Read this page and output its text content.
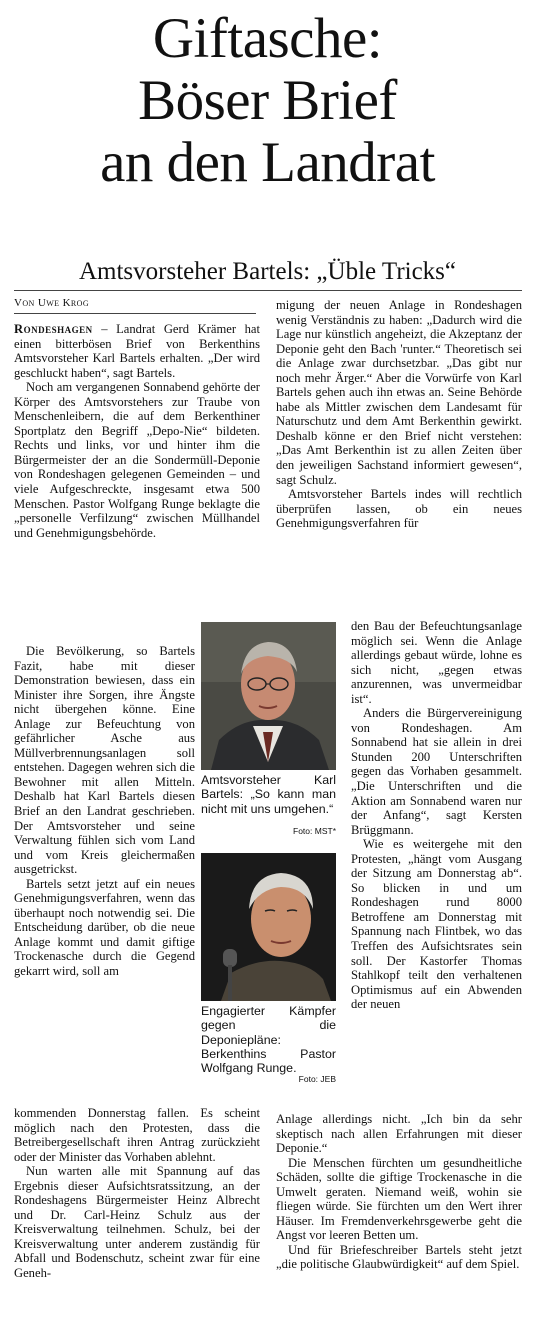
Giftasche:
Böser Brief
an den Landrat
Amtsvorsteher Bartels: „Üble Tricks“
Von Uwe Krog

Rondeshagen – Landrat Gerd Krämer hat einen bitterbösen Brief von Berkenthins Amtsvorsteher Karl Bartels erhalten. „Der wird geschluckt haben“, sagt Bartels.

Noch am vergangenen Sonnabend gehörte der Körper des Amtsvorstehers zur Traube von Menschenleibern, die auf dem Berkenthiner Sportplatz den Begriff „Depo-Nie“ bildeten. Rechts und links, vor und hinter ihm die Bürgermeister der an die Sondermüll-Deponie von Rondeshagen gelegenen Gemeinden – und viele Aufgeschreckte, insgesamt etwa 500 Menschen. Pastor Wolfgang Runge beklagte die „personelle Verfilzung“ zwischen Müllhandel und Genehmigungsbehörde.

Die Bevölkerung, so Bartels Fazit, habe mit dieser Demonstration bewiesen, dass ein Minister ihre Sorgen, ihre Ängste nicht übergehen könne. Eine Anlage zur Befeuchtung von gefährlicher Asche aus Müllverbrennungsanlagen soll entstehen. Dagegen wehren sich die Bewohner mit allen Mitteln. Deshalb hat Karl Bartels diesen Brief an den Landrat geschrieben. Der Amtsvorsteher und seine Verwaltung fühlen sich vom Land und vom Kreis gleichermaßen ausgetrickst.

Bartels setzt jetzt auf ein neues Genehmigungsverfahren, wenn das überhaupt noch notwendig sei. Die Entscheidung darüber, ob die neue Anlage kommt und damit giftige Trockenasche durch die Gegend gekarrt wird, soll am

kommenden Donnerstag fallen. Es scheint möglich nach den Protesten, dass die Betreibergesellschaft ihren Antrag zurückzieht oder der Minister das Vorhaben ablehnt.

Nun warten alle mit Spannung auf das Ergebnis dieser Aufsichtsratssitzung, an der Rondeshagens Bürgermeister Heinz Albrecht und Dr. Carl-Heinz Schulz aus der Kreisverwaltung teilnehmen. Schulz, bei der Kreisverwaltung unter anderem zuständig für Abfall und Bodenschutz, scheint zwar für eine Geneh-

migung der neuen Anlage in Rondeshagen wenig Verständnis zu haben: „Dadurch wird die Lage nur künstlich angeheizt, die Akzeptanz der Deponie geht den Bach 'runter.“ Theoretisch sei die Anlage zwar durchsetzbar. „Das gibt nur noch mehr Ärger.“ Aber die Vorwürfe von Karl Bartels gehen auch ihn etwas an. Seine Behörde habe als Mittler zwischen dem Landesamt für Naturschutz und dem Amt Berkenthin gewirkt. Deshalb könne er den Brief nicht verstehen: „Das Amt Berkenthin ist zu allen Zeiten über den jeweiligen Sachstand informiert gewesen“, sagt Schulz.

Amtsvorsteher Bartels indes will rechtlich überprüfen lassen, ob ein neues Genehmigungsverfahren für

den Bau der Befeuchtungsanlage möglich sei. Wenn die Anlage allerdings gebaut würde, lohne es sich nicht, „gegen etwas anzurennen, was unvermeidbar ist“.

Anders die Bürgervereinigung von Rondeshagen. Am Sonnabend hat sie allein in drei Stunden 200 Unterschriften gegen das Vorhaben gesammelt. „Die Unterschriften und die Aktion am Sonnabend waren nur der Anfang“, sagt Kersten Brüggmann.

Wie es weitergehe mit den Protesten, „hängt vom Ausgang der Sitzung am Donnerstag ab“. So blicken in und um Rondeshagen rund 8000 Betroffene am Donnerstag mit Spannung nach Flintbek, wo das Treffen des Aufsichtsrates sein soll. Der Kastorfer Thomas Stahlkopf teilt den verhaltenen Optimismus auf ein Abwenden der neuen

Anlage allerdings nicht. „Ich bin da sehr skeptisch nach allen Erfahrungen mit dieser Deponie.“

Die Menschen fürchten um gesundheitliche Schäden, sollte die giftige Trockenasche in die Umwelt geraten. Niemand weiß, wohin sie fliegen würde. Sie fürchten um den Wert ihrer Häuser. Im Fremdenverkehrsgewerbe geht die Angst vor leeren Betten um.

Und für Briefeschreiber Bartels steht jetzt „die politische Glaubwürdigkeit“ auf dem Spiel.

Amtsvorsteher Karl Bartels: „So kann man nicht mit uns umgehen.“
Foto: MST*
Engagierter Kämpfer gegen die Deponiepläne: Berkenthins Pastor Wolfgang Runge.
Foto: JEB
